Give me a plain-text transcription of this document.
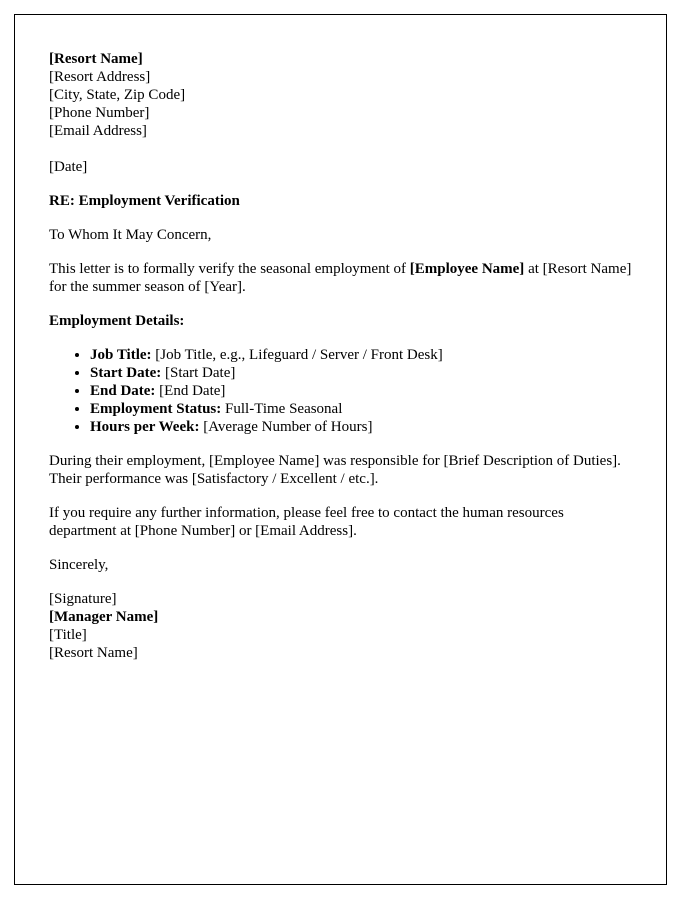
[Resort Name]
[Resort Address]
[City, State, Zip Code]
[Phone Number]
[Email Address]

[Date]

RE: Employment Verification

To Whom It May Concern,

This letter is to formally verify the seasonal employment of [Employee Name] at [Resort Name] for the summer season of [Year].

Employment Details:

• Job Title: [Job Title, e.g., Lifeguard / Server / Front Desk]
• Start Date: [Start Date]
• End Date: [End Date]
• Employment Status: Full-Time Seasonal
• Hours per Week: [Average Number of Hours]

During their employment, [Employee Name] was responsible for [Brief Description of Duties]. Their performance was [Satisfactory / Excellent / etc.].

If you require any further information, please feel free to contact the human resources department at [Phone Number] or [Email Address].

Sincerely,

[Signature]
[Manager Name]
[Title]
[Resort Name]
